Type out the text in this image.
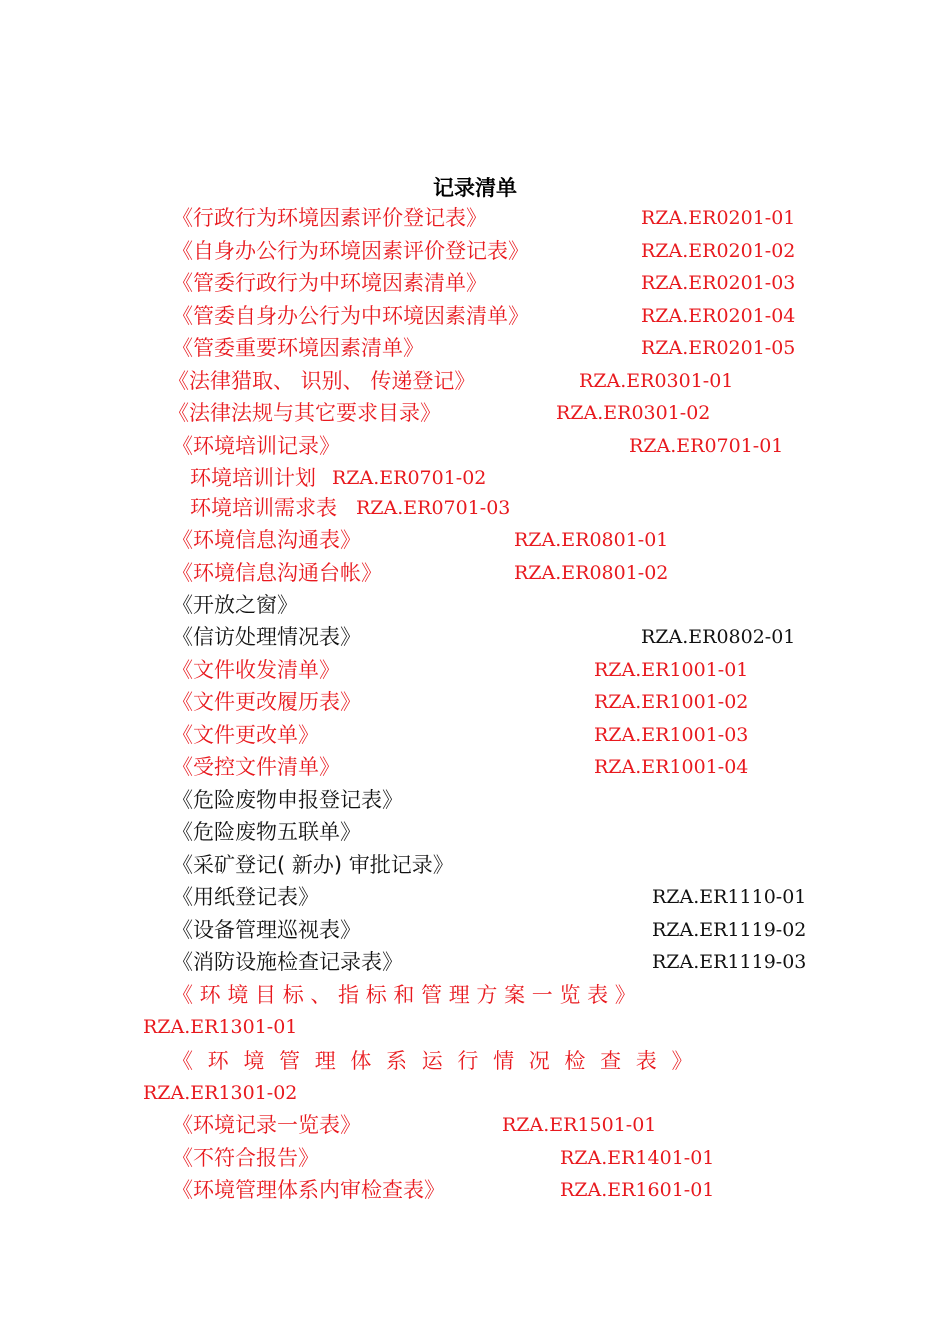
记录清单
《行政行为环境因素评价登记表》	RZA.ER0201-01
《自身办公行为环境因素评价登记表》	RZA.ER0201-02
《管委行政行为中环境因素清单》	RZA.ER0201-03
《管委自身办公行为中环境因素清单》	RZA.ER0201-04
《管委重要环境因素清单》	RZA.ER0201-05
《法律猎取、 识别、 传递登记》	RZA.ER0301-01
《法律法规与其它要求目录》	RZA.ER0301-02
《环境培训记录》	RZA.ER0701-01
环境培训计划 RZA.ER0701-02
环境培训需求表 RZA.ER0701-03
《环境信息沟通表》	RZA.ER0801-01
《环境信息沟通台帐》	RZA.ER0801-02
《开放之窗》
《信访处理情况表》	RZA.ER0802-01
《文件收发清单》	RZA.ER1001-01
《文件更改履历表》	RZA.ER1001-02
《文件更改单》	RZA.ER1001-03
《受控文件清单》	RZA.ER1001-04
《危险废物申报登记表》
《危险废物五联单》
《采矿登记( 新办) 审批记录》
《用纸登记表》	RZA.ER1110-01
《设备管理巡视表》	RZA.ER1119-02
《消防设施检查记录表》	RZA.ER1119-03
《 环 境 目 标 、 指 标 和 管 理 方 案 一 览 表 》
RZA.ER1301-01
《 环 境 管 理 体 系 运 行 情 况 检 查 表 》
RZA.ER1301-02
《环境记录一览表》	RZA.ER1501-01
《不符合报告》	RZA.ER1401-01
《环境管理体系内审检查表》	RZA.ER1601-01
